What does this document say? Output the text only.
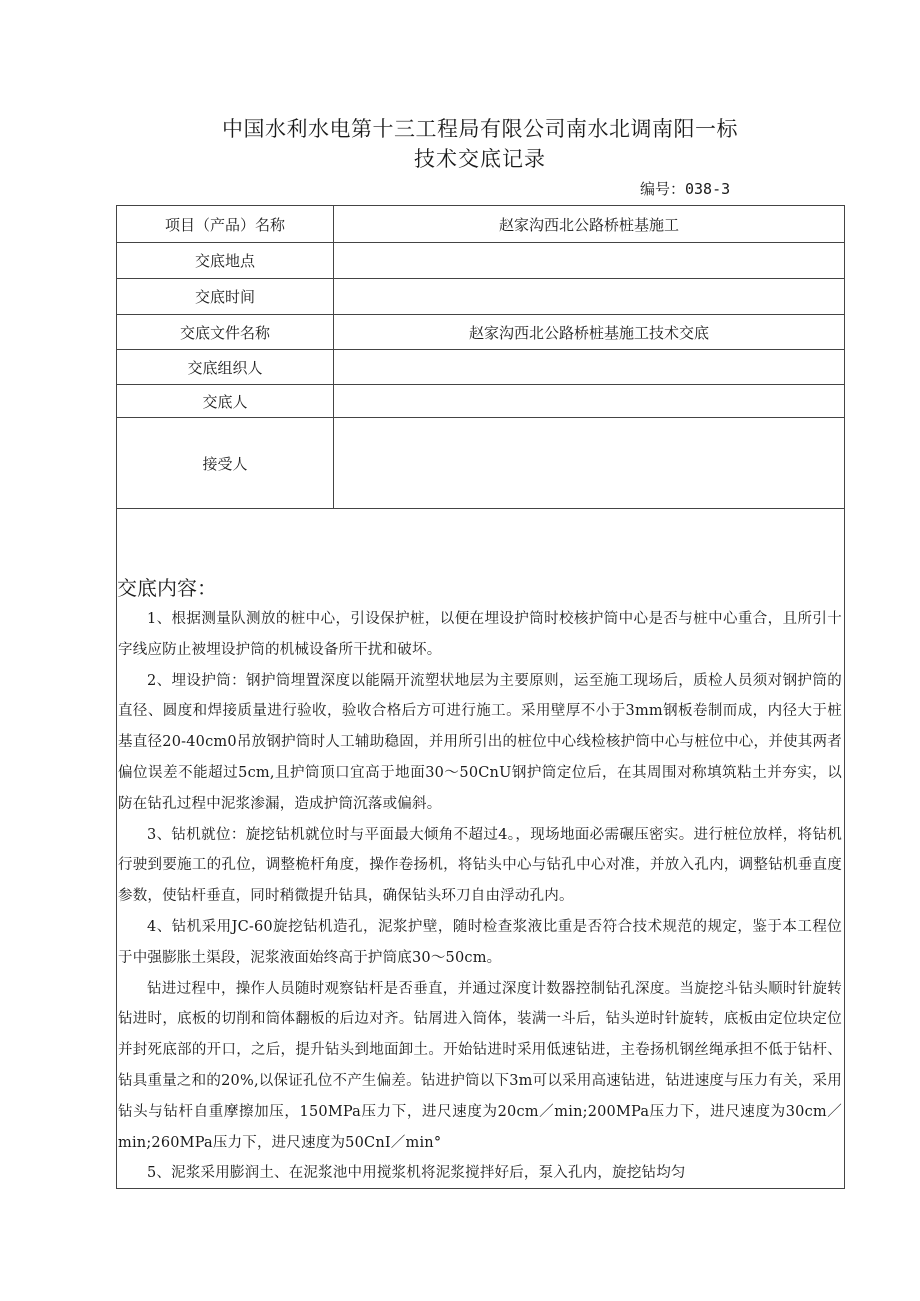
中国水利水电第十三工程局有限公司南水北调南阳一标
技术交底记录
编号：038-3
项目（产品）名称	赵家沟西北公路桥桩基施工
交底地点	
交底时间	
交底文件名称	赵家沟西北公路桥桩基施工技术交底
交底组织人	
交底人	
接受人	
交底内容：

1、根据测量队测放的桩中心，引设保护桩，以便在埋设护筒时校核护筒中心是否与桩中心重合，且所引十字线应防止被埋设护筒的机械设备所干扰和破坏。

2、埋设护筒：钢护筒埋置深度以能隔开流塑状地层为主要原则，运至施工现场后，质检人员须对钢护筒的直径、圆度和焊接质量进行验收，验收合格后方可进行施工。采用壁厚不小于3mm钢板卷制而成，内径大于桩基直径20-40cm0吊放钢护筒时人工辅助稳固，并用所引出的桩位中心线检核护筒中心与桩位中心，并使其两者偏位误差不能超过5cm,且护筒顶口宜高于地面30～50CnU钢护筒定位后，在其周围对称填筑粘土并夯实，以防在钻孔过程中泥浆渗漏，造成护筒沉落或偏斜。

3、钻机就位：旋挖钻机就位时与平面最大倾角不超过4。，现场地面必需碾压密实。进行桩位放样，将钻机行驶到要施工的孔位，调整桅杆角度，操作卷扬机，将钻头中心与钻孔中心对准，并放入孔内，调整钻机垂直度参数，使钻杆垂直，同时稍微提升钻具，确保钻头环刀自由浮动孔内。

4、钻机采用JC-60旋挖钻机造孔，泥浆护壁，随时检查浆液比重是否符合技术规范的规定，鉴于本工程位于中强膨胀土渠段，泥浆液面始终高于护筒底30～50cm。

钻进过程中，操作人员随时观察钻杆是否垂直，并通过深度计数器控制钻孔深度。当旋挖斗钻头顺时针旋转钻进时，底板的切削和筒体翻板的后边对齐。钻屑进入筒体，装满一斗后，钻头逆时针旋转，底板由定位块定位并封死底部的开口，之后，提升钻头到地面卸土。开始钻进时采用低速钻进，主卷扬机钢丝绳承担不低于钻杆、钻具重量之和的20%,以保证孔位不产生偏差。钻进护筒以下3m可以采用高速钻进，钻进速度与压力有关，采用钻头与钻杆自重摩擦加压，150MPa压力下，进尺速度为20cm／min;200MPa压力下，进尺速度为30cm／min;260MPa压力下，进尺速度为50CnI／min°

5、泥浆采用膨润土、在泥浆池中用搅浆机将泥浆搅拌好后，泵入孔内，旋挖钻均匀
